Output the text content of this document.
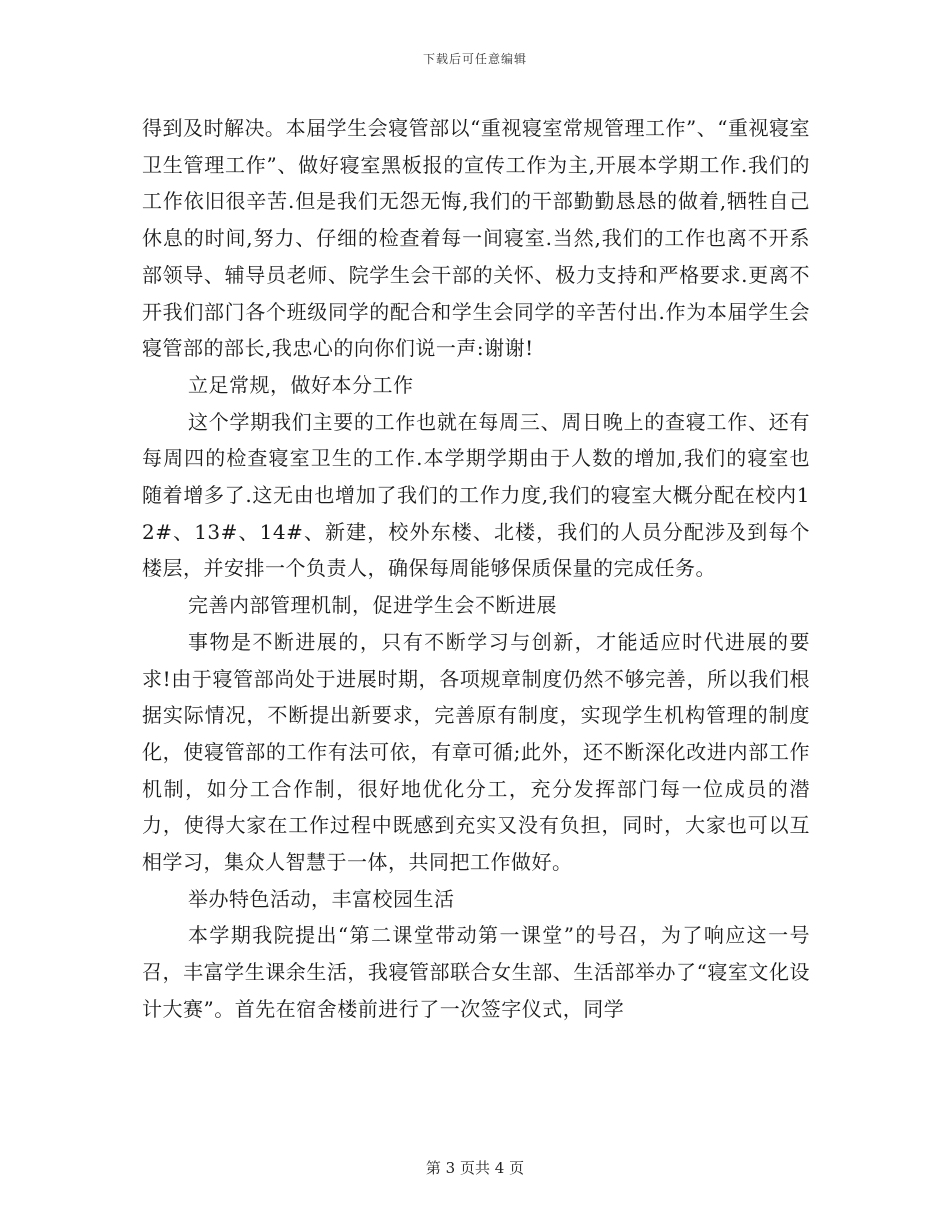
下载后可任意编辑

得到及时解决。本届学生会寝管部以“重视寝室常规管理工作”、“重视寝室卫生管理工作”、做好寝室黑板报的宣传工作为主,开展本学期工作.我们的工作依旧很辛苦.但是我们无怨无悔,我们的干部勤勤恳恳的做着,牺牲自己休息的时间,努力、仔细的检查着每一间寝室.当然,我们的工作也离不开系部领导、辅导员老师、院学生会干部的关怀、极力支持和严格要求.更离不开我们部门各个班级同学的配合和学生会同学的辛苦付出.作为本届学生会寝管部的部长,我忠心的向你们说一声:谢谢!

立足常规，做好本分工作

这个学期我们主要的工作也就在每周三、周日晚上的查寝工作、还有每周四的检查寝室卫生的工作.本学期学期由于人数的增加,我们的寝室也随着增多了.这无由也增加了我们的工作力度,我们的寝室大概分配在校内12#、13#、14#、新建，校外东楼、北楼，我们的人员分配涉及到每个楼层，并安排一个负责人，确保每周能够保质保量的完成任务。

完善内部管理机制，促进学生会不断进展

事物是不断进展的，只有不断学习与创新，才能适应时代进展的要求!由于寝管部尚处于进展时期，各项规章制度仍然不够完善，所以我们根据实际情况，不断提出新要求，完善原有制度，实现学生机构管理的制度化，使寝管部的工作有法可依，有章可循;此外，还不断深化改进内部工作机制，如分工合作制，很好地优化分工，充分发挥部门每一位成员的潜力，使得大家在工作过程中既感到充实又没有负担，同时，大家也可以互相学习，集众人智慧于一体，共同把工作做好。

举办特色活动，丰富校园生活

本学期我院提出“第二课堂带动第一课堂”的号召，为了响应这一号召，丰富学生课余生活，我寝管部联合女生部、生活部举办了“寝室文化设计大赛”。首先在宿舍楼前进行了一次签字仪式，同学

第 3 页共 4 页
